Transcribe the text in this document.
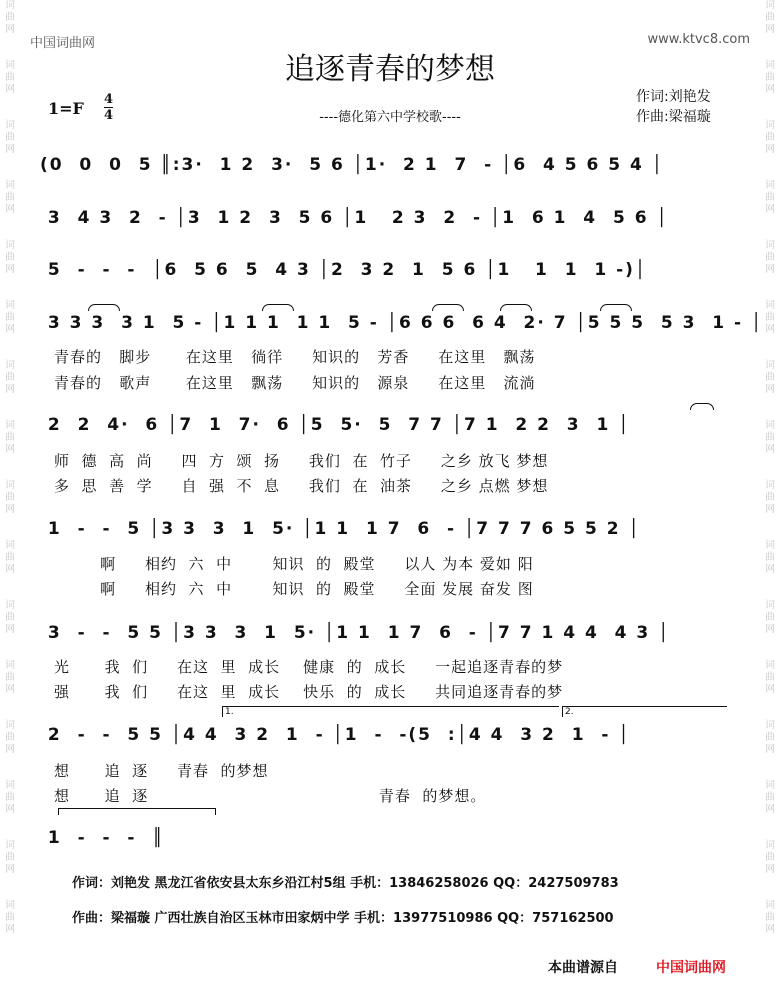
词
曲
网
词
曲
网
词
曲
网
词
曲
网
词
曲
网
词
曲
网
词
曲
网
词
曲
网
词
曲
网
词
曲
网
词
曲
网
词
曲
网
词
曲
网
词
曲
网
词
曲
网
词
曲
网
词
曲
网
词
曲
网
词
曲
网
词
曲
网
词
曲
网
词
曲
网
词
曲
网
词
曲
网
词
曲
网
词
曲
网
词
曲
网
词
曲
网
词
曲
网
词
曲
网
词
曲
网
词
曲
网
中国词曲网	www.ktvc8.com
追逐青春的梦想
1=F 4
4	----德化第六中学校歌----
作词:刘艳发
作曲:梁福璇
(0  0  0  5 ║:3·  1 2  3·  5 6 │1·  2 1  7  - │6  4 5 6 5 4 │
3  4 3  2  - │3  1 2  3  5 6 │1   2 3  2  - │1  6 1  4  5 6 │
5  -  -  -  │6  5 6  5  4 3 │2  3 2  1  5 6 │1   1  1  1 -)│
3 3 3  3 1  5 - │1 1 1  1 1  5 - │6 6 6  6 4  2· 7 │5 5 5  5 3  1 - │
青春的   脚步 在这里   徜徉 知识的   芳香 在这里   飘荡
青春的   歌声 在这里   飘荡 知识的   源泉 在这里   流淌
2  2  4·  6 │7  1  7·  6 │5  5·  5  7 7 │7 1  2 2  3  1 │
师  德  高  尚 四  方  颂  扬 我们  在  竹子 之乡 放飞 梦想
多  思  善  学 自  强  不  息 我们  在  油茶 之乡 点燃 梦想
1  -  -  5 │3 3  3  1  5· │1 1  1 7  6  - │7 7 7 6 5 5 2 │
啊 相约  六  中	知识  的  殿堂 以人 为本 爱如 阳
啊 相约  六  中	知识  的  殿堂 全面 发展 奋发 图
3  -  -  5 5 │3 3  3  1  5· │1 1  1 7  6  - │7 7 1 4 4  4 3 │
光      我  们 在这  里  成长 健康  的  成长 一起追逐青春的梦
强      我  们 在这  里  成长 快乐  的  成长 共同追逐青春的梦
1.	2.
2  -  -  5 5 │4 4  3 2  1  - │1  -  -(5  :│4 4  3 2  1  - │
想      追  逐 青春  的梦想
想      追  逐	青春  的梦想。
1  -  -  -  ║
作词：刘艳发 黑龙江省依安县太东乡沿江村5组 手机：13846258026 QQ：2427509783
作曲：梁福璇 广西壮族自治区玉林市田家炳中学 手机：13977510986 QQ：757162500
本曲谱源自	中国词曲网
